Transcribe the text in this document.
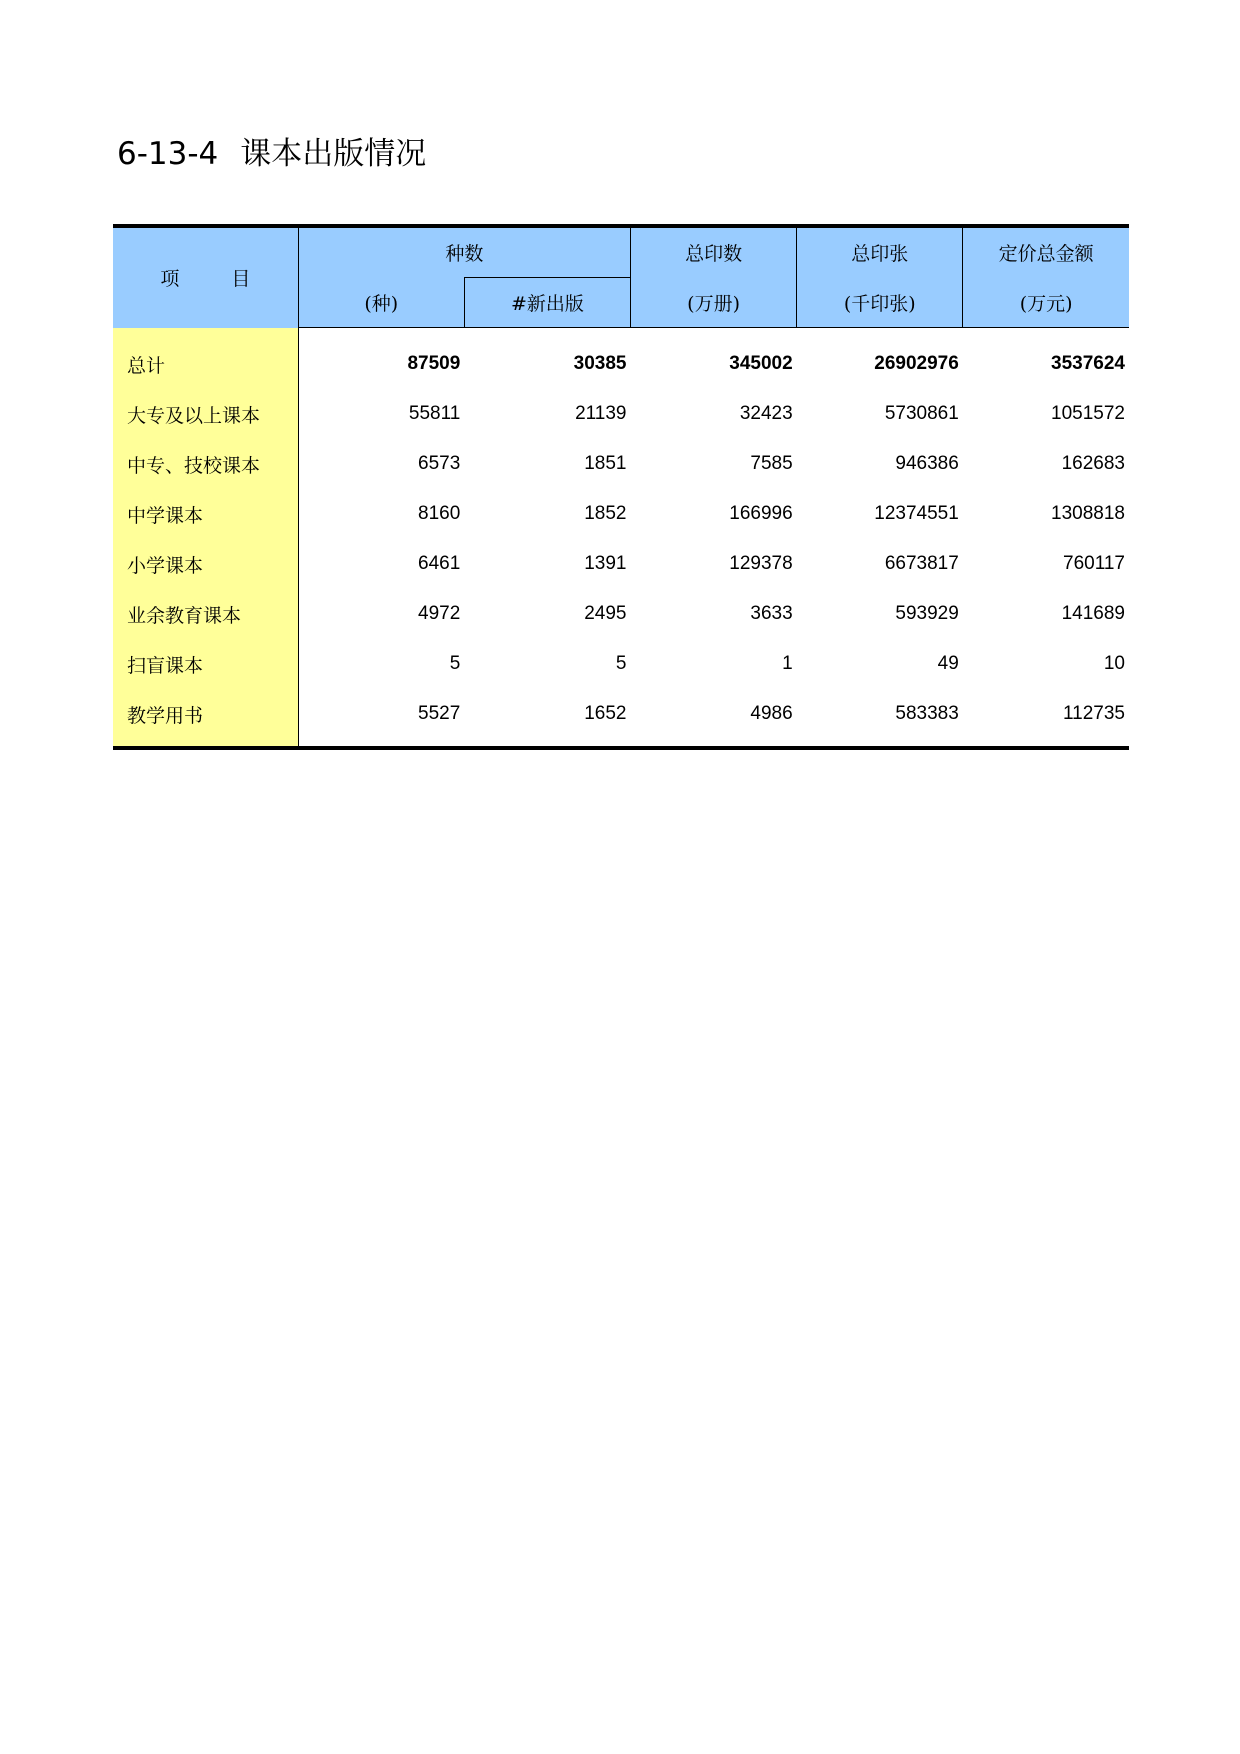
6-13-4 课本出版情况
项 目	种数		总印数	总印张	定价总金额
	(种)	#新出版	(万册)	(千印张)	(万元)

总计	87509	30385	345002	26902976	3537624
大专及以上课本	55811	21139	32423	5730861	1051572
中专、技校课本	6573	1851	7585	946386	162683
中学课本	8160	1852	166996	12374551	1308818
小学课本	6461	1391	129378	6673817	760117
业余教育课本	4972	2495	3633	593929	141689
扫盲课本	5	5	1	49	10
教学用书	5527	1652	4986	583383	112735
